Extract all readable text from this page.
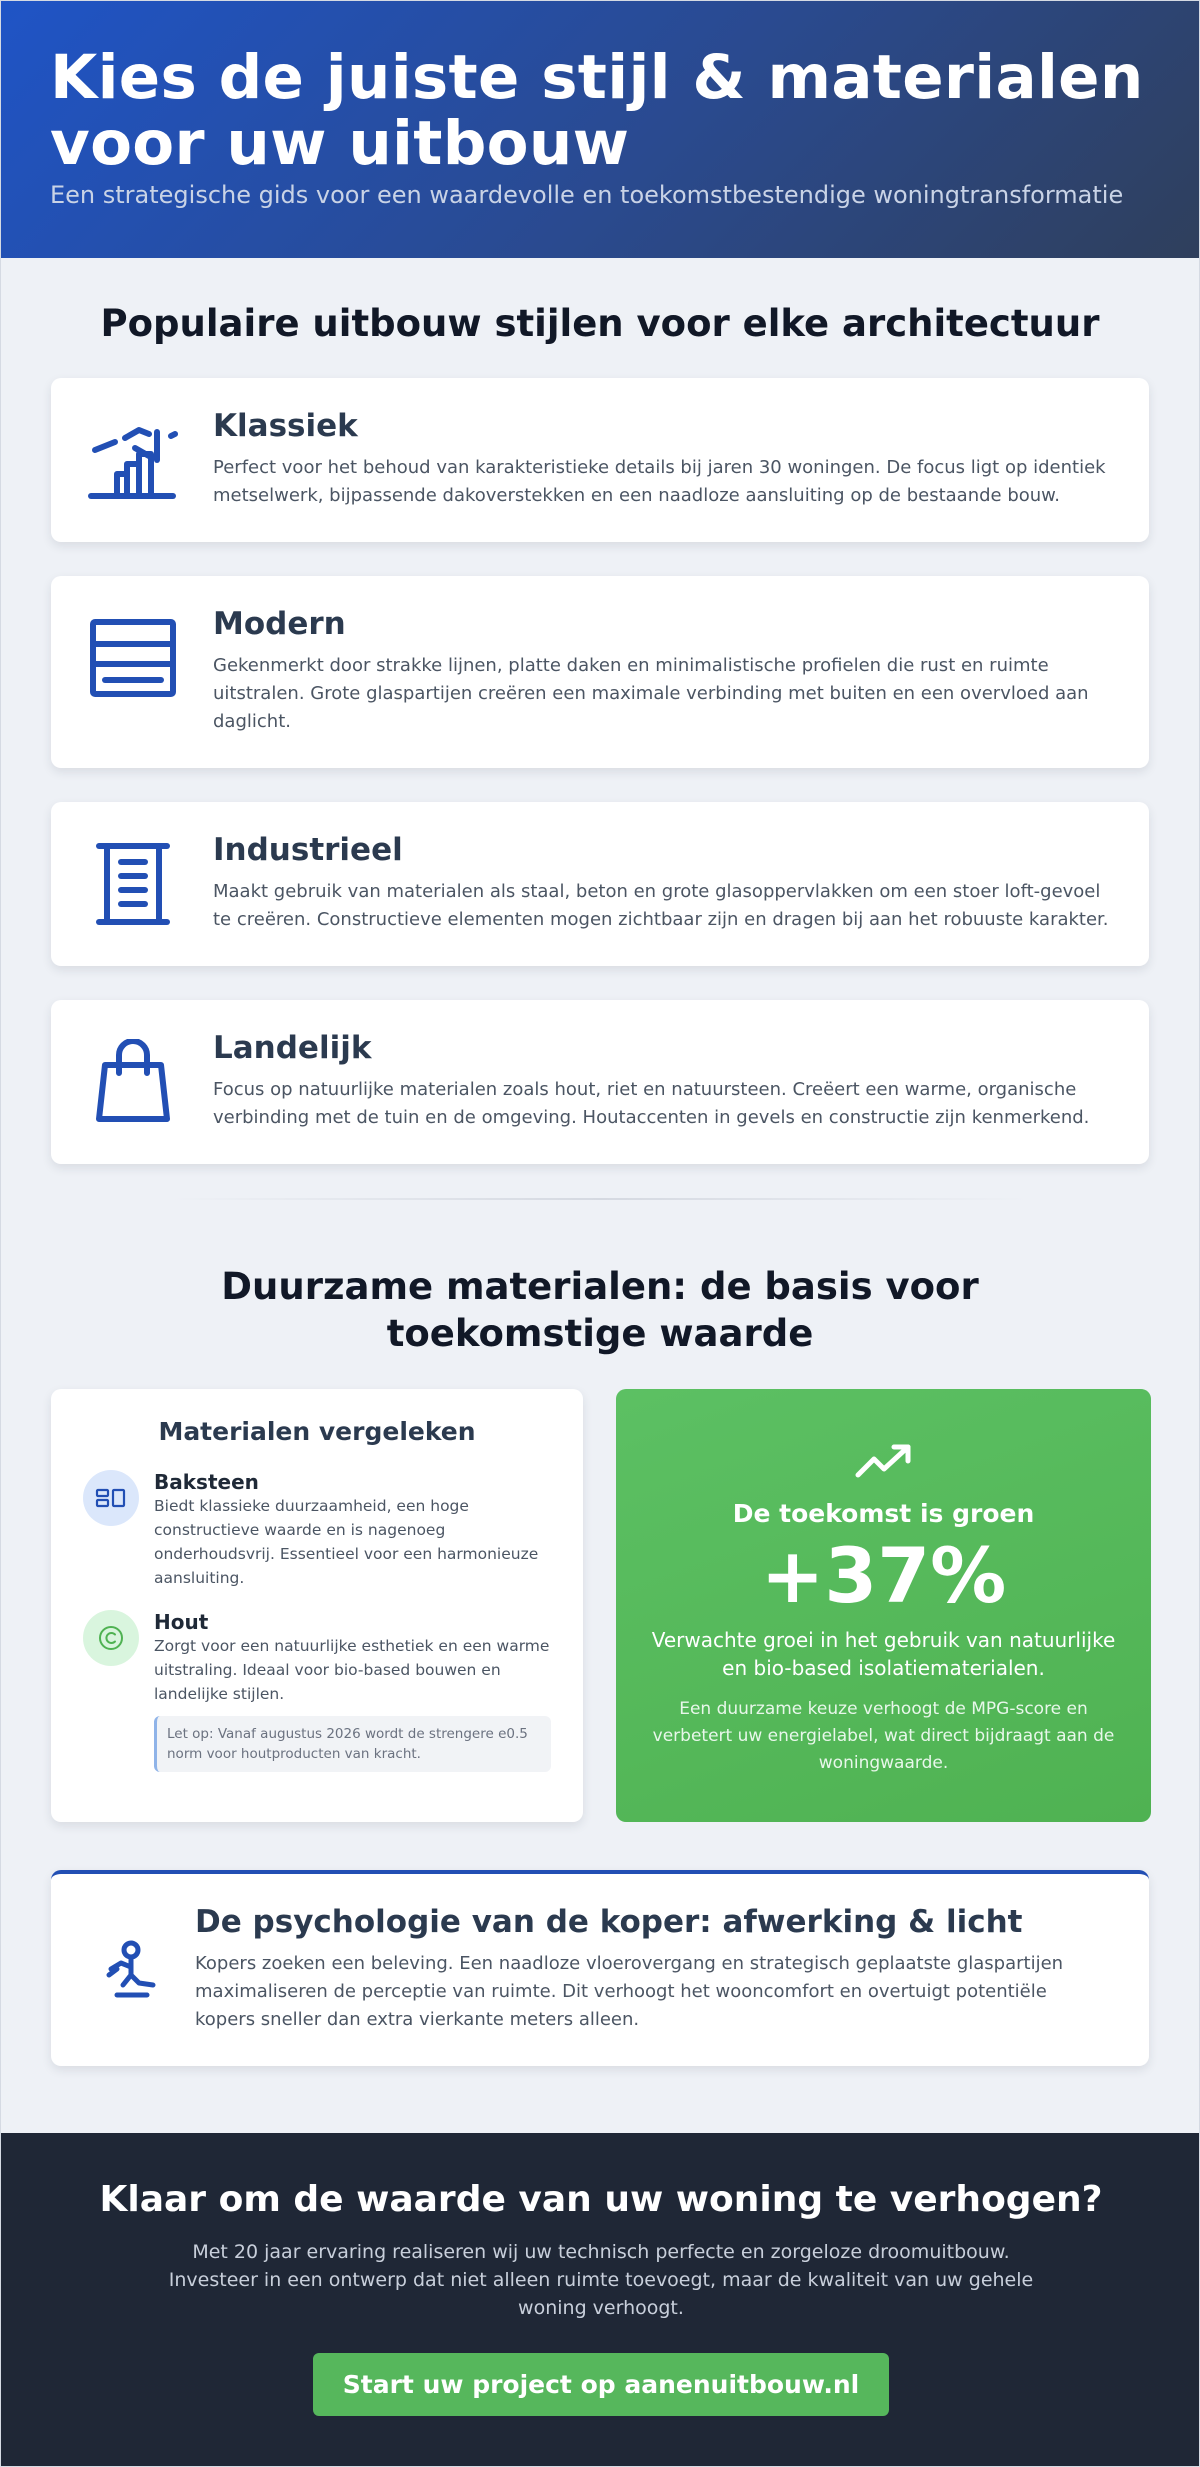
Kies de juiste stijl & materialen
voor uw uitbouw

Een strategische gids voor een waardevolle en toekomstbestendige woningtransformatie

Populaire uitbouw stijlen voor elke architectuur
Klassiek

Perfect voor het behoud van karakteristieke details bij jaren 30 woningen. De focus ligt op identiek metselwerk, bijpassende dakoverstekken en een naadloze aansluiting op de bestaande bouw.

Modern

Gekenmerkt door strakke lijnen, platte daken en minimalistische profielen die rust en ruimte uitstralen. Grote glaspartijen creëren een maximale verbinding met buiten en een overvloed aan daglicht.

Industrieel

Maakt gebruik van materialen als staal, beton en grote glasoppervlakken om een stoer loft-gevoel te creëren. Constructieve elementen mogen zichtbaar zijn en dragen bij aan het robuuste karakter.

Landelijk

Focus op natuurlijke materialen zoals hout, riet en natuursteen. Creëert een warme, organische verbinding met de tuin en de omgeving. Houtaccenten in gevels en constructie zijn kenmerkend.

Duurzame materialen: de basis voor toekomstige waarde
Materialen vergeleken
Baksteen

Biedt klassieke duurzaamheid, een hoge constructieve waarde en is nagenoeg onderhoudsvrij. Essentieel voor een harmonieuze aansluiting.

Hout

Zorgt voor een natuurlijke esthetiek en een warme uitstraling. Ideaal voor bio-based bouwen en landelijke stijlen.

Let op: Vanaf augustus 2026 wordt de strengere e0.5 norm voor houtproducten van kracht.
De toekomst is groen
+37%
Verwachte groei in het gebruik van natuurlijke en bio-based isolatiematerialen.
Een duurzame keuze verhoogt de MPG-score en verbetert uw energielabel, wat direct bijdraagt aan de woningwaarde.
De psychologie van de koper: afwerking & licht

Kopers zoeken een beleving. Een naadloze vloerovergang en strategisch geplaatste glaspartijen maximaliseren de perceptie van ruimte. Dit verhoogt het wooncomfort en overtuigt potentiële kopers sneller dan extra vierkante meters alleen.

Klaar om de waarde van uw woning te verhogen?

Met 20 jaar ervaring realiseren wij uw technisch perfecte en zorgeloze droomuitbouw. Investeer in een ontwerp dat niet alleen ruimte toevoegt, maar de kwaliteit van uw gehele woning verhoogt.

Start uw project op aanenuitbouw.nl
